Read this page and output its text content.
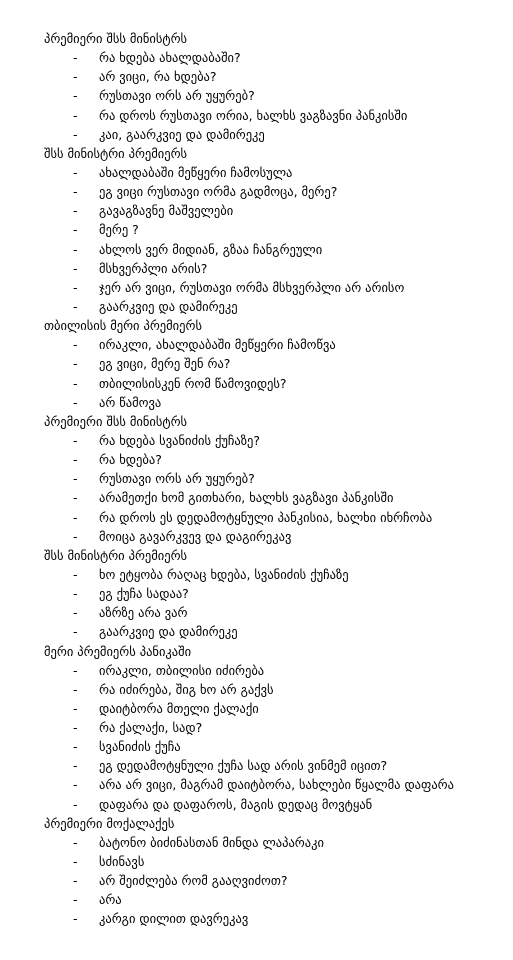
პრემიერი შსს მინისტრს
- რა ხდება ახალდაბაში?
- არ ვიცი, რა ხდება?
- რუსთავი ორს არ უყურებ?
- რა დროს რუსთავი ორია, ხალხს ვაგზავნი პანკისში
- კაი, გაარკვიე და დამირეკე
შსს მინისტრი პრემიერს
- ახალდაბაში მეწყერი ჩამოსულა
- ეგ ვიცი რუსთავი ორმა გადმოცა, მერე?
- გავაგზავნე მაშველები
- მერე ?
- ახლოს ვერ მიდიან, გზაა ჩანგრეული
- მსხვერპლი არის?
- ჯერ არ ვიცი, რუსთავი ორმა მსხვერპლი არ არისო
- გაარკვიე და დამირეკე
თბილისის მერი პრემიერს
- ირაკლი, ახალდაბაში მეწყერი ჩამოწვა
- ეგ ვიცი, მერე შენ რა?
- თბილისისკენ რომ წამოვიდეს?
- არ წამოვა
პრემიერი შსს მინისტრს
- რა ხდება სვანიძის ქუჩაზე?
- რა ხდება?
- რუსთავი ორს არ უყურებ?
- არამეთქი ხომ გითხარი, ხალხს ვაგზავი პანკისში
- რა დროს ეს დედამოტყნული პანკისია, ხალხი იხრჩობა
- მოიცა გავარკვევ და დაგირეკავ
შსს მინისტრი პრემიერს
- ხო ეტყობა რაღაც ხდება, სვანიძის ქუჩაზე
- ეგ ქუჩა სადაა?
- აზრზე არა ვარ
- გაარკვიე და დამირეკე
მერი პრემიერს პანიკაში
- ირაკლი, თბილისი იძირება
- რა იძირება, შიგ ხო არ გაქვს
- დაიტბორა მთელი ქალაქი
- რა ქალაქი, სად?
- სვანიძის ქუჩა
- ეგ დედამოტყნული ქუჩა სად არის ვინმემ იცით?
- არა არ ვიცი, მაგრამ დაიტბორა, სახლები წყალმა დაფარა
- დაფარა და დაფაროს, მაგის დედაც მოვტყან
პრემიერი მოქალაქეს
- ბატონო ბიძინასთან მინდა ლაპარაკი
- სძინავს
- არ შეიძლება რომ გააღვიძოთ?
- არა
- კარგი დილით დავრეკავ
